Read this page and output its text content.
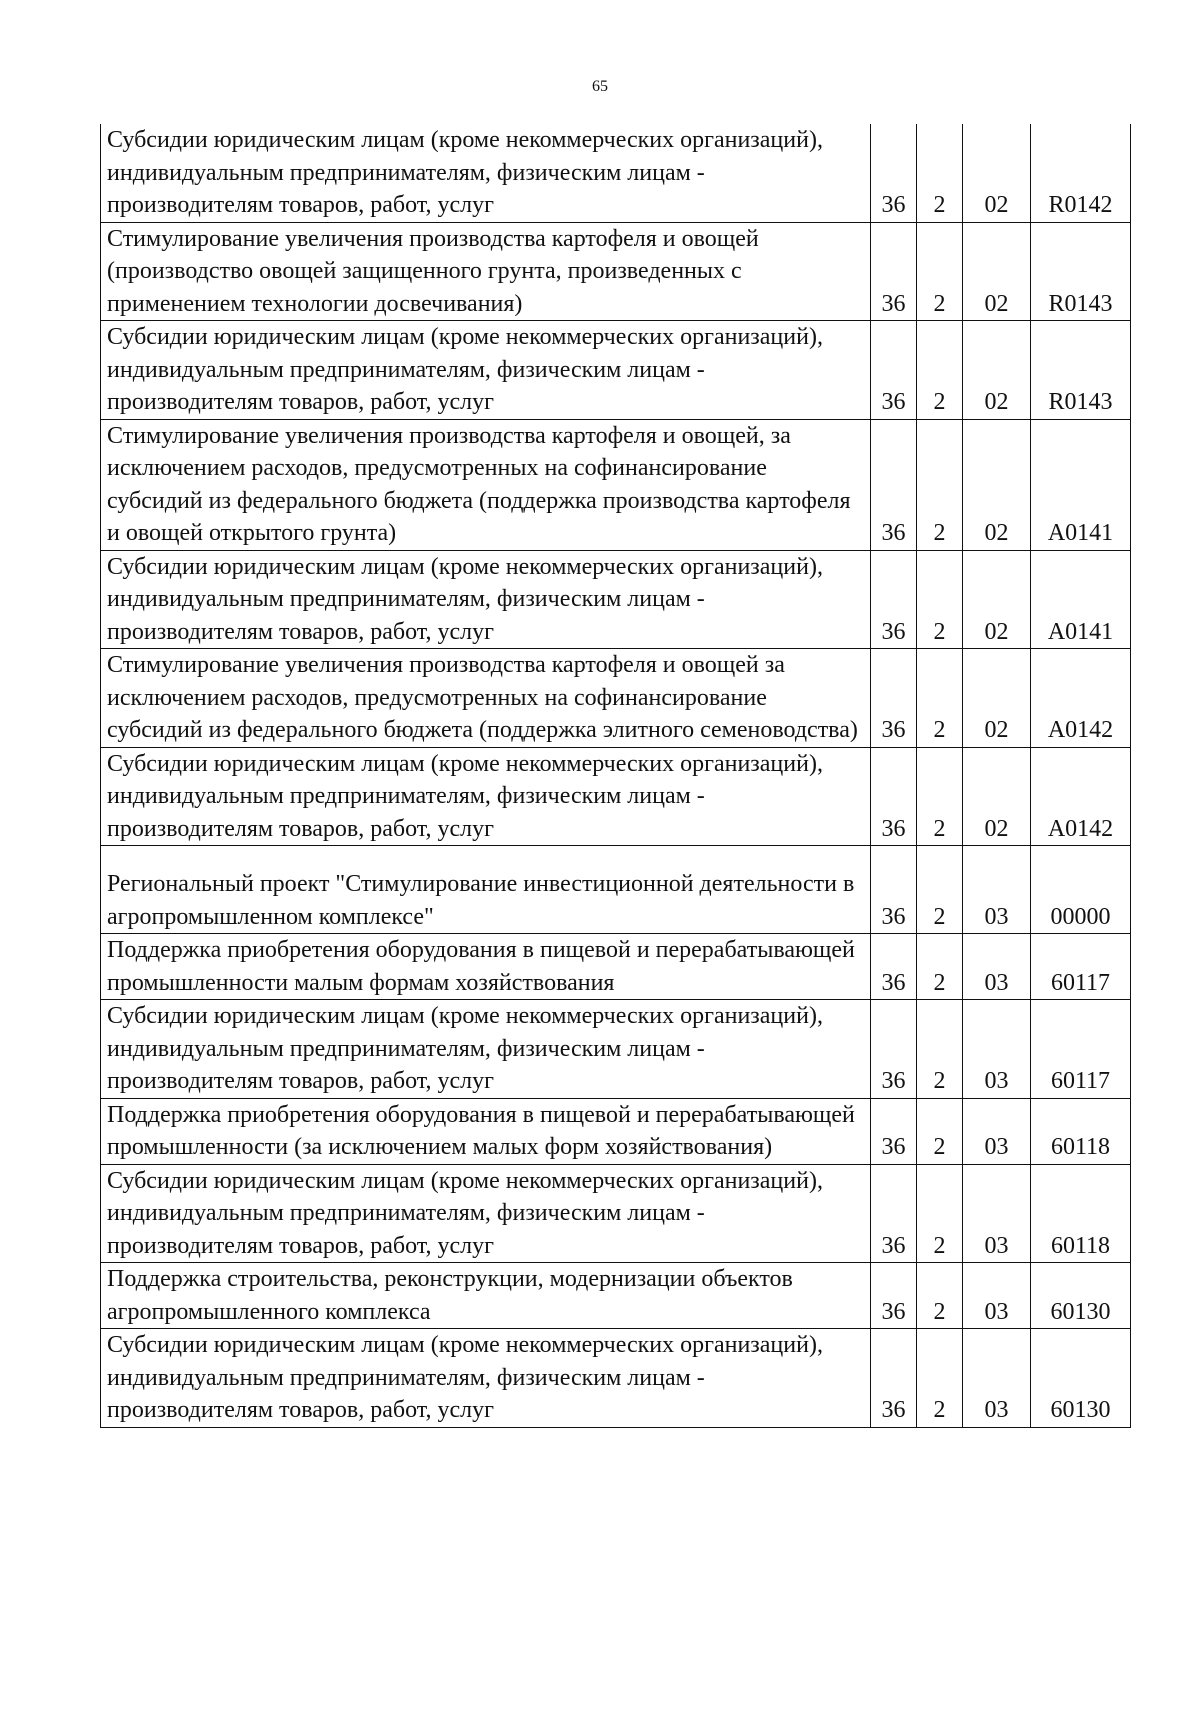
65
Субсидии юридическим лицам (кроме некоммерческих организаций), индивидуальным предпринимателям, физическим лицам - производителям товаров, работ, услуг	36	2	02	R0142
Стимулирование увеличения производства картофеля и овощей (производство овощей защищенного грунта, произведенных с применением технологии досвечивания)	36	2	02	R0143
Субсидии юридическим лицам (кроме некоммерческих организаций), индивидуальным предпринимателям, физическим лицам - производителям товаров, работ, услуг	36	2	02	R0143
Стимулирование увеличения производства картофеля и овощей, за исключением расходов, предусмотренных на софинансирование субсидий из федерального бюджета (поддержка производства картофеля и овощей открытого грунта)	36	2	02	A0141
Субсидии юридическим лицам (кроме некоммерческих организаций), индивидуальным предпринимателям, физическим лицам - производителям товаров, работ, услуг	36	2	02	A0141
Стимулирование увеличения производства картофеля и овощей за исключением расходов, предусмотренных на софинансирование субсидий из федерального бюджета (поддержка элитного семеноводства)	36	2	02	A0142
Субсидии юридическим лицам (кроме некоммерческих организаций), индивидуальным предпринимателям, физическим лицам - производителям товаров, работ, услуг	36	2	02	A0142
Региональный проект "Стимулирование инвестиционной деятельности в агропромышленном комплексе"	36	2	03	00000
Поддержка приобретения оборудования в пищевой и перерабатывающей промышленности малым формам хозяйствования	36	2	03	60117
Субсидии юридическим лицам (кроме некоммерческих организаций), индивидуальным предпринимателям, физическим лицам - производителям товаров, работ, услуг	36	2	03	60117
Поддержка приобретения оборудования в пищевой и перерабатывающей промышленности (за исключением малых форм хозяйствования)	36	2	03	60118
Субсидии юридическим лицам (кроме некоммерческих организаций), индивидуальным предпринимателям, физическим лицам - производителям товаров, работ, услуг	36	2	03	60118
Поддержка строительства, реконструкции, модернизации объектов агропромышленного комплекса	36	2	03	60130
Субсидии юридическим лицам (кроме некоммерческих организаций), индивидуальным предпринимателям, физическим лицам - производителям товаров, работ, услуг	36	2	03	60130
